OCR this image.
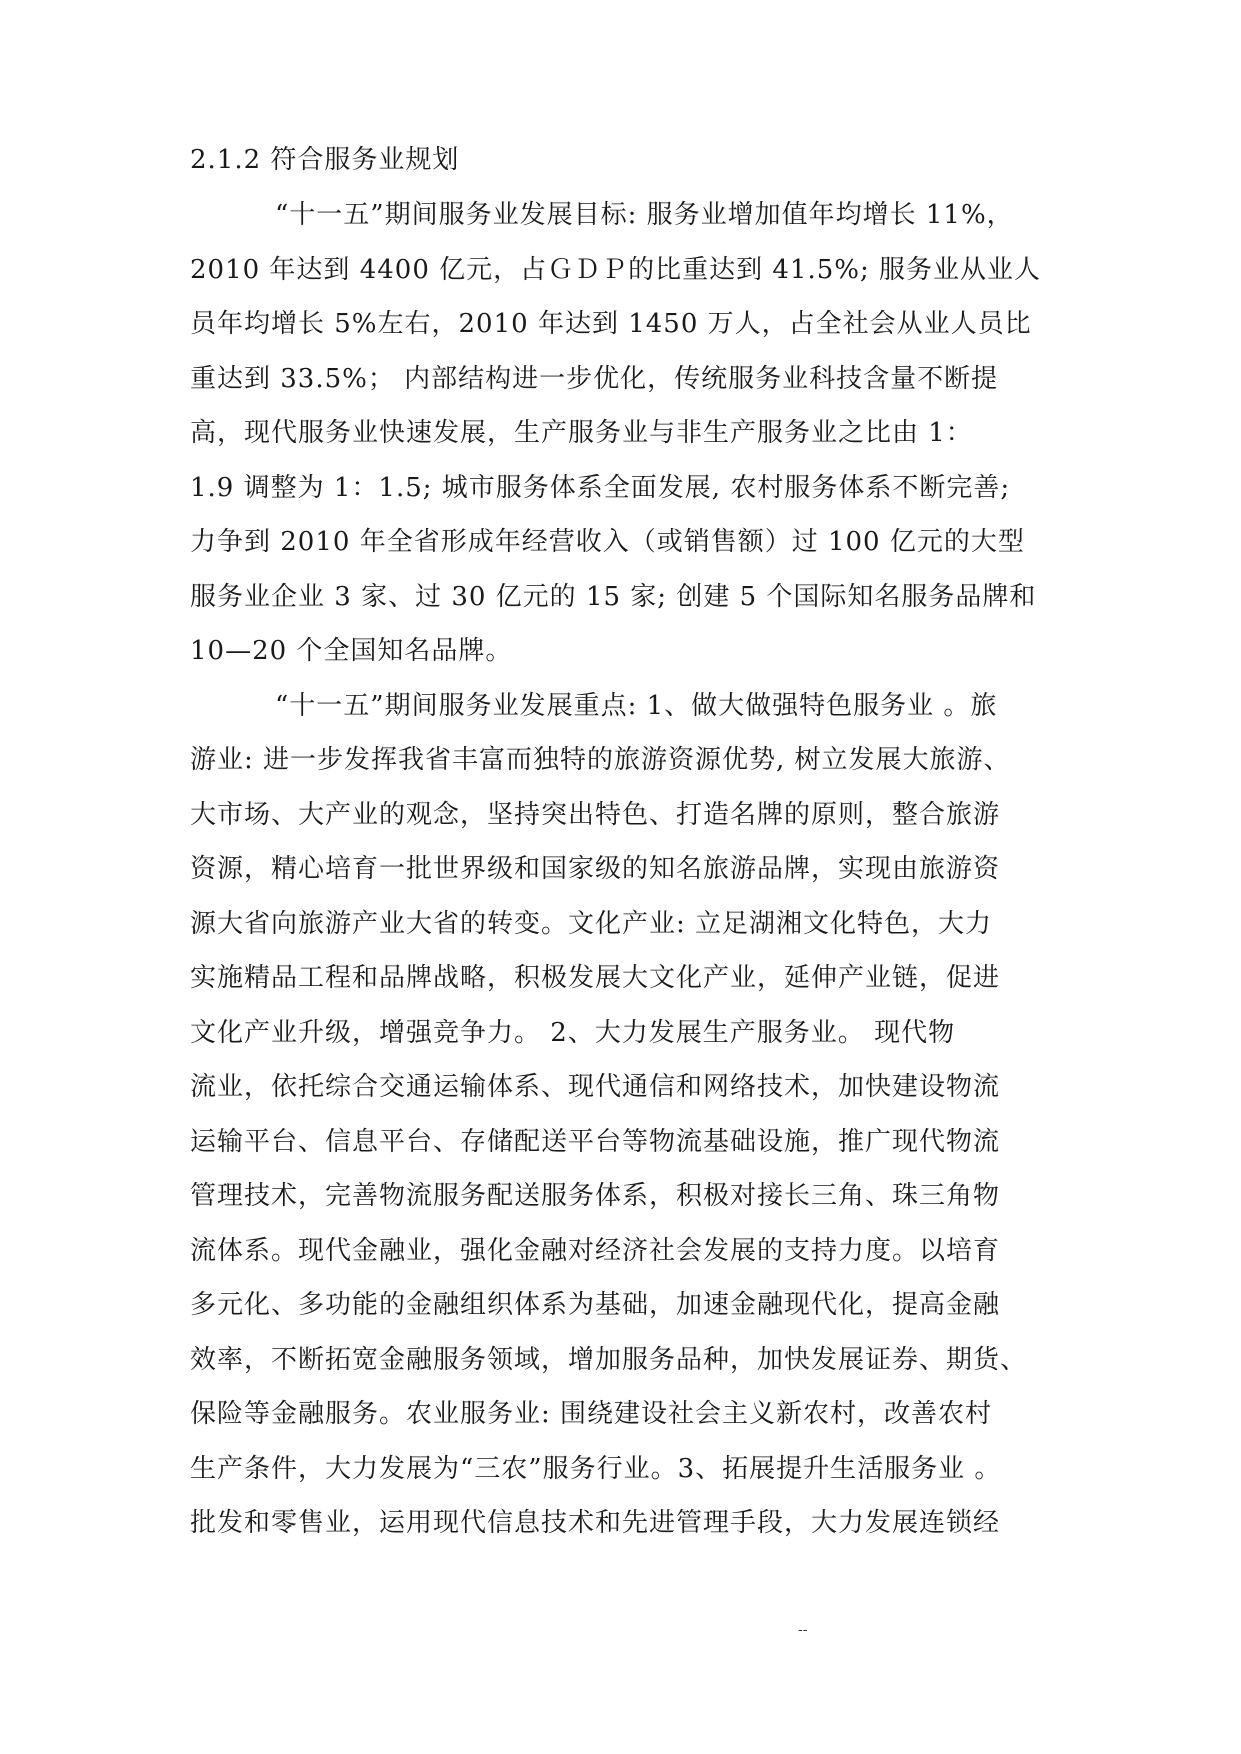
2.1.2 符合服务业规划
“十一五”期间服务业发展目标: 服务业增加值年均增长 11%，
2010 年达到 4400 亿元，占ＧＤＰ的比重达到 41.5%; 服务业从业人
员年均增长 5%左右，2010 年达到 1450 万人，占全社会从业人员比
重达到 33.5%； 内部结构进一步优化，传统服务业科技含量不断提
高，现代服务业快速发展，生产服务业与非生产服务业之比由 1：
1.9 调整为 1：1.5; 城市服务体系全面发展, 农村服务体系不断完善;
力争到 2010 年全省形成年经营收入（或销售额）过 100 亿元的大型
服务业企业 3 家、过 30 亿元的 15 家; 创建 5 个国际知名服务品牌和
10—20 个全国知名品牌。
“十一五”期间服务业发展重点: 1、做大做强特色服务业 。旅
游业: 进一步发挥我省丰富而独特的旅游资源优势, 树立发展大旅游、
大市场、大产业的观念，坚持突出特色、打造名牌的原则，整合旅游
资源，精心培育一批世界级和国家级的知名旅游品牌，实现由旅游资
源大省向旅游产业大省的转变。文化产业: 立足湖湘文化特色，大力
实施精品工程和品牌战略，积极发展大文化产业，延伸产业链，促进
文化产业升级，增强竞争力。 2、大力发展生产服务业。 现代物
流业，依托综合交通运输体系、现代通信和网络技术，加快建设物流
运输平台、信息平台、存储配送平台等物流基础设施，推广现代物流
管理技术，完善物流服务配送服务体系，积极对接长三角、珠三角物
流体系。现代金融业，强化金融对经济社会发展的支持力度。以培育
多元化、多功能的金融组织体系为基础，加速金融现代化，提高金融
效率，不断拓宽金融服务领域，增加服务品种，加快发展证券、期货、
保险等金融服务。农业服务业: 围绕建设社会主义新农村，改善农村
生产条件，大力发展为“三农”服务行业。3、拓展提升生活服务业 。
批发和零售业，运用现代信息技术和先进管理手段，大力发展连锁经
--
